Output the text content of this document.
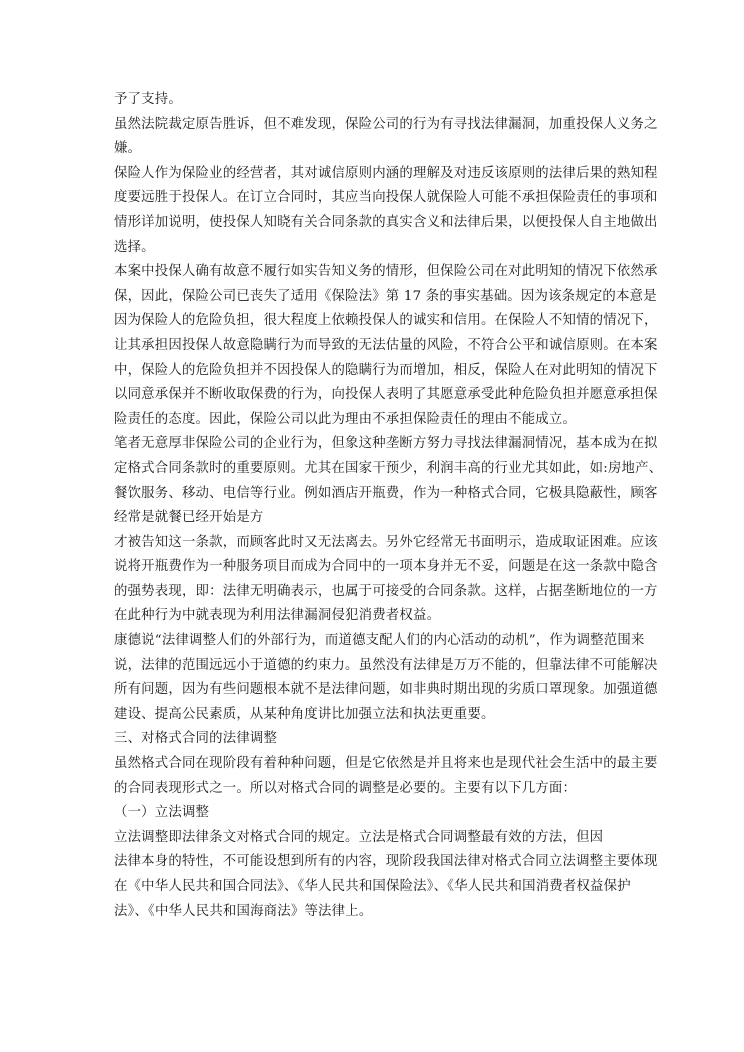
予了支持。
虽然法院裁定原告胜诉，但不难发现，保险公司的行为有寻找法律漏洞，加重投保人义务之
嫌。
保险人作为保险业的经营者，其对诚信原则内涵的理解及对违反该原则的法律后果的熟知程
度要远胜于投保人。在订立合同时，其应当向投保人就保险人可能不承担保险责任的事项和
情形详加说明，使投保人知晓有关合同条款的真实含义和法律后果，以便投保人自主地做出
选择。
本案中投保人确有故意不履行如实告知义务的情形，但保险公司在对此明知的情况下依然承
保，因此，保险公司已丧失了适用《保险法》第 17 条的事实基础。因为该条规定的本意是
因为保险人的危险负担，很大程度上依赖投保人的诚实和信用。在保险人不知情的情况下，
让其承担因投保人故意隐瞒行为而导致的无法估量的风险，不符合公平和诚信原则。在本案
中，保险人的危险负担并不因投保人的隐瞒行为而增加，相反，保险人在对此明知的情况下
以同意承保并不断收取保费的行为，向投保人表明了其愿意承受此种危险负担并愿意承担保
险责任的态度。因此，保险公司以此为理由不承担保险责任的理由不能成立。
笔者无意厚非保险公司的企业行为，但象这种垄断方努力寻找法律漏洞情况，基本成为在拟
定格式合同条款时的重要原则。尤其在国家干预少，利润丰高的行业尤其如此，如:房地产、
餐饮服务、移动、电信等行业。例如酒店开瓶费，作为一种格式合同，它极具隐蔽性，顾客
经常是就餐已经开始是方
才被告知这一条款，而顾客此时又无法离去。另外它经常无书面明示，造成取证困难。应该
说将开瓶费作为一种服务项目而成为合同中的一项本身并无不妥，问题是在这一条款中隐含
的强势表现，即：法律无明确表示，也属于可接受的合同条款。这样，占据垄断地位的一方
在此种行为中就表现为利用法律漏洞侵犯消费者权益。
康德说“法律调整人们的外部行为，而道德支配人们的内心活动的动机”，作为调整范围来
说，法律的范围远远小于道德的约束力。虽然没有法律是万万不能的，但靠法律不可能解决
所有问题，因为有些问题根本就不是法律问题，如非典时期出现的劣质口罩现象。加强道德
建设、提高公民素质，从某种角度讲比加强立法和执法更重要。
三、对格式合同的法律调整
虽然格式合同在现阶段有着种种问题，但是它依然是并且将来也是现代社会生活中的最主要
的合同表现形式之一。所以对格式合同的调整是必要的。主要有以下几方面：
（一）立法调整
立法调整即法律条文对格式合同的规定。立法是格式合同调整最有效的方法，但因
法律本身的特性，不可能设想到所有的内容，现阶段我国法律对格式合同立法调整主要体现
在《中华人民共和国合同法》、《华人民共和国保险法》、《华人民共和国消费者权益保护
法》、《中华人民共和国海商法》等法律上。
